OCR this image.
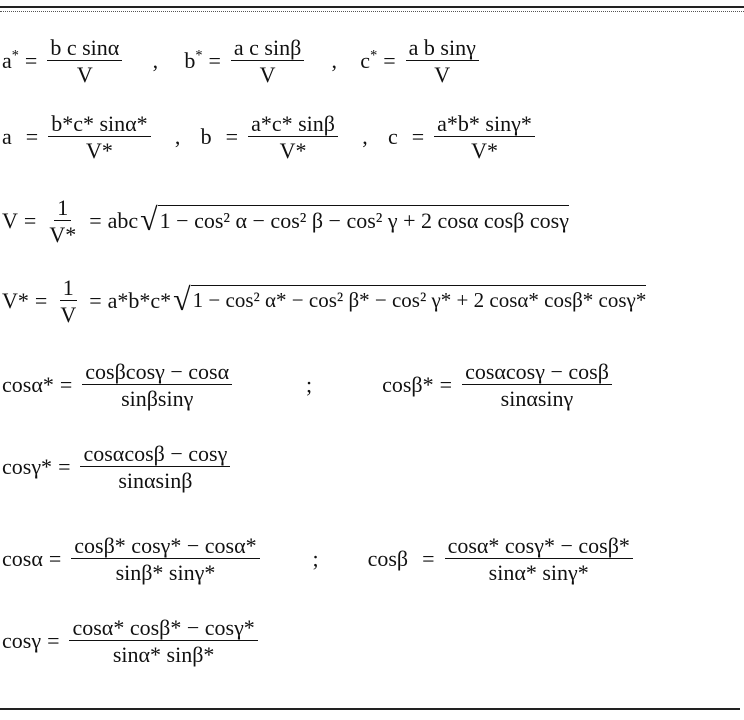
$a^* = \frac{\text{b c sinα}}{V}$	,	$b^* = \frac{\text{a c sinβ}}{V}$	,	$c^* = \frac{\text{a b sinγ}}{V}$
$a = \frac{b*c* \sin\alpha*}{V*}$	, $b = \frac{a*c* \sin\beta}{V*}$	, $c = \frac{a*b* \sin\gamma*}{V*}$
$V = \frac{1}{V*}$ = abc √ 1 − cos² α − cos² β − cos² γ + 2 cosα cosβ cosγ
$V* = \frac{1}{V} = a*b*c*$ √ 1 − cos² α* − cos² β* − cos² γ* + 2 cosα* cosβ* cosγ*
$\cos\alpha* = \frac{\cos\beta\cos\gamma - \cos\alpha}{\sin\beta\sin\gamma}$	;	$\cos\beta* = \frac{\cos\alpha\cos\gamma - \cos\beta}{\sin\alpha\sin\gamma}$
$\cos\gamma* = \frac{\cos\alpha\cos\beta - \cos\gamma}{\sin\alpha\sin\beta}$
$\cos\alpha = \frac{\cos\beta* \cos\gamma* - \cos\alpha*}{\sin\beta* \sin\gamma*}$	;	$\cos\beta = \frac{\cos\alpha* \cos\gamma* - \cos\beta*}{\sin\alpha* \sin\gamma*}$
$\cos\gamma = \frac{\cos\alpha* \cos\beta* - \cos\gamma*}{\sin\alpha* \sin\beta*}$
